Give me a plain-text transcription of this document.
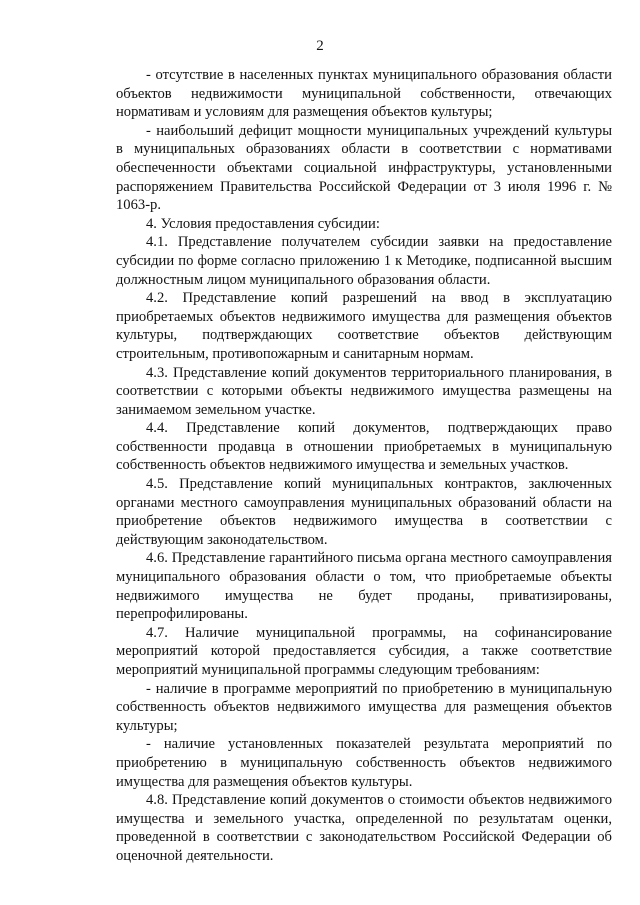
2

- отсутствие в населенных пунктах муниципального образования области объектов недвижимости муниципальной собственности, отвечающих нормативам и условиям для размещения объектов культуры;

- наибольший дефицит мощности муниципальных учреждений культуры в муниципальных образованиях области в соответствии с нормативами обеспеченности объектами социальной инфраструктуры, установленными распоряжением Правительства Российской Федерации от 3 июля 1996 г. № 1063-р.

4. Условия предоставления субсидии:

4.1. Представление получателем субсидии заявки на предоставление субсидии по форме согласно приложению 1 к Методике, подписанной высшим должностным лицом муниципального образования области.

4.2. Представление копий разрешений на ввод в эксплуатацию приобретаемых объектов недвижимого имущества для размещения объектов культуры, подтверждающих соответствие объектов действующим строительным, противопожарным и санитарным нормам.

4.3. Представление копий документов территориального планирования, в соответствии с которыми объекты недвижимого имущества размещены на занимаемом земельном участке.

4.4. Представление копий документов, подтверждающих право собственности продавца в отношении приобретаемых в муниципальную собственность объектов недвижимого имущества и земельных участков.

4.5. Представление копий муниципальных контрактов, заключенных органами местного самоуправления муниципальных образований области на приобретение объектов недвижимого имущества в соответствии с действующим законодательством.

4.6. Представление гарантийного письма органа местного самоуправления муниципального образования области о том, что приобретаемые объекты недвижимого имущества не будет проданы, приватизированы, перепрофилированы.

4.7. Наличие муниципальной программы, на софинансирование мероприятий которой предоставляется субсидия, а также соответствие мероприятий муниципальной программы следующим требованиям:

- наличие в программе мероприятий по приобретению в муниципальную собственность объектов недвижимого имущества для размещения объектов культуры;

- наличие установленных показателей результата мероприятий по приобретению в муниципальную собственность объектов недвижимого имущества для размещения объектов культуры.

4.8. Представление копий документов о стоимости объектов недвижимого имущества и земельного участка, определенной по результатам оценки, проведенной в соответствии с законодательством Российской Федерации об оценочной деятельности.
